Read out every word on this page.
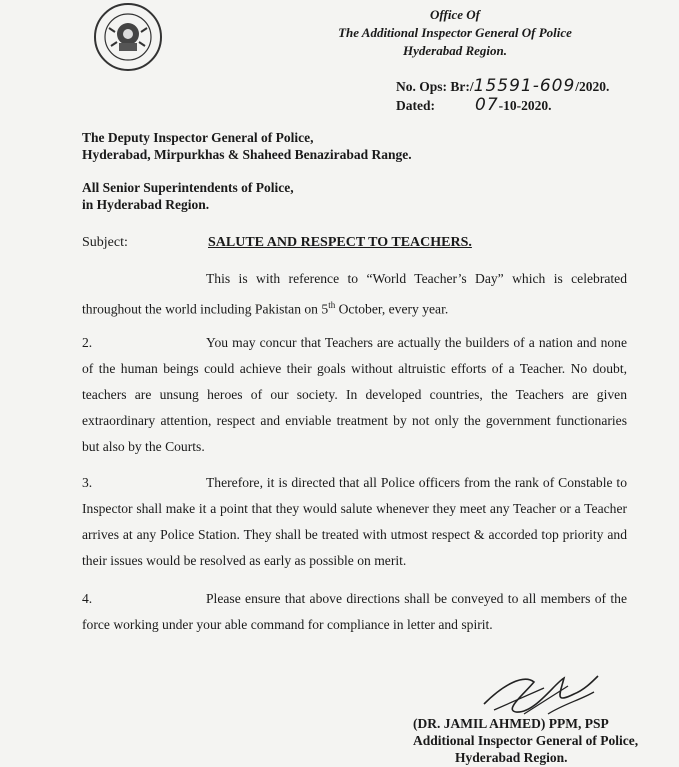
Office Of
The Additional Inspector General Of Police
Hyderabad Region.
No. Ops: Br:/15591-609/2020.
Dated: 07-10-2020.
The Deputy Inspector General of Police,
Hyderabad, Mirpurkhas & Shaheed Benazirabad Range.
All Senior Superintendents of Police,
in Hyderabad Region.
Subject:	SALUTE AND RESPECT TO TEACHERS.

This is with reference to “World Teacher’s Day” which is celebrated throughout the world including Pakistan on 5th October, every year.

2.	You may concur that Teachers are actually the builders of a nation and none of the human beings could achieve their goals without altruistic efforts of a Teacher. No doubt, teachers are unsung heroes of our society. In developed countries, the Teachers are given extraordinary attention, respect and enviable treatment by not only the government functionaries but also by the Courts.

3.	Therefore, it is directed that all Police officers from the rank of Constable to Inspector shall make it a point that they would salute whenever they meet any Teacher or a Teacher arrives at any Police Station. They shall be treated with utmost respect & accorded top priority and their issues would be resolved as early as possible on merit.

4.	Please ensure that above directions shall be conveyed to all members of the force working under your able command for compliance in letter and spirit.

(DR. JAMIL AHMED) PPM, PSP
Additional Inspector General of Police,
Hyderabad Region.
